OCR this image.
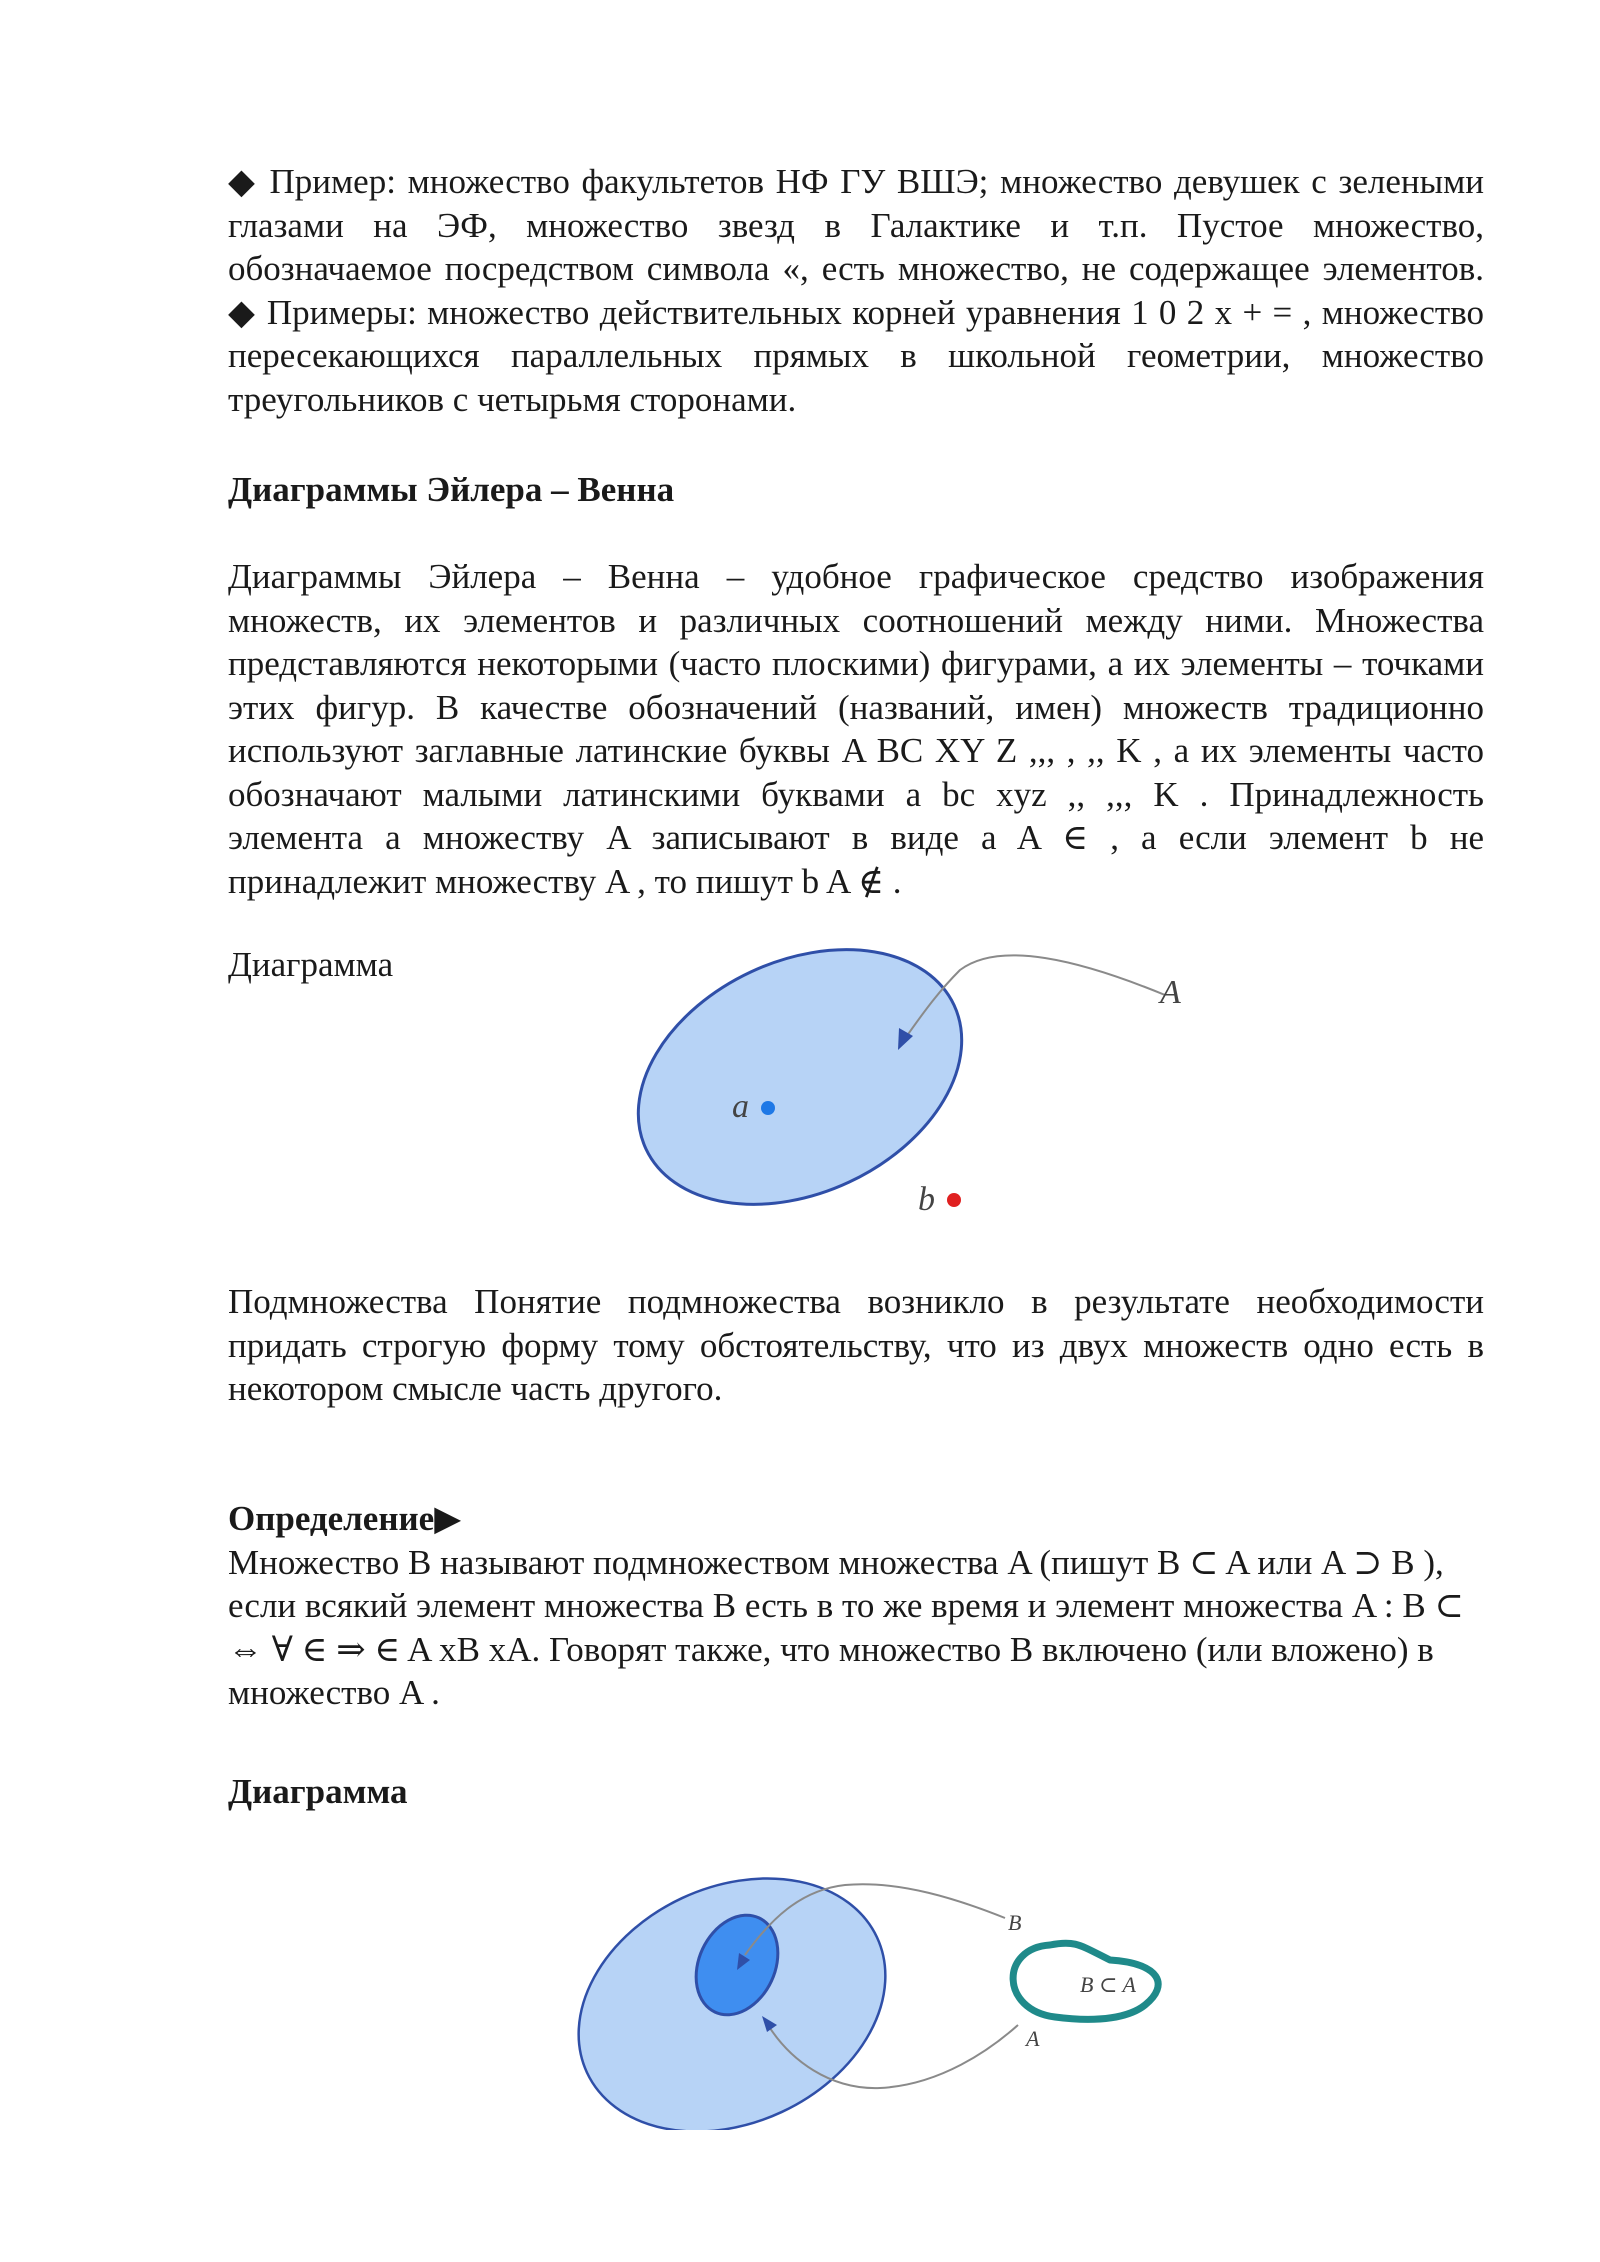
◆ Пример: множество факультетов НФ ГУ ВШЭ; множество девушек с зелеными глазами на ЭФ, множество звезд в Галактике и т.п. Пустое множество, обозначаемое посредством символа «, есть множество, не содержащее элементов. ◆ Примеры: множество действительных корней уравнения 1 0 2 x + = , множество пересекающихся параллельных прямых в школьной геометрии, множество треугольников с четырьмя сторонами.

Диаграммы Эйлера – Венна

Диаграммы Эйлера – Венна – удобное графическое средство изображения множеств, их элементов и различных соотношений между ними. Множества представляются некоторыми (часто плоскими) фигурами, а их элементы – точками этих фигур. В качестве обозначений (названий, имен) множеств традиционно используют заглавные латинские буквы A BC XY Z ,,, , ,, K , а их элементы часто обозначают малыми латинскими буквами a bc xyz ,, ,,, K . Принадлежность элемента a множеству A записывают в виде a A ∈ , а если элемент b не принадлежит множеству A , то пишут b A ∉ .

Диаграмма

A
a
b

Подмножества Понятие подмножества возникло в результате необходимости придать строгую форму тому обстоятельству, что из двух множеств одно есть в некотором смысле часть другого.

Определение▶

Множество B называют подмножеством множества A (пишут B ⊂ A или A ⊃ B ), если всякий элемент множества B есть в то же время и элемент множества A : B ⊂ ⇔ ∀ ∈ ⇒ ∈ A xB xA. Говорят также, что множество B включено (или вложено) в множество A .

Диаграмма

B
A
B ⊂ A
